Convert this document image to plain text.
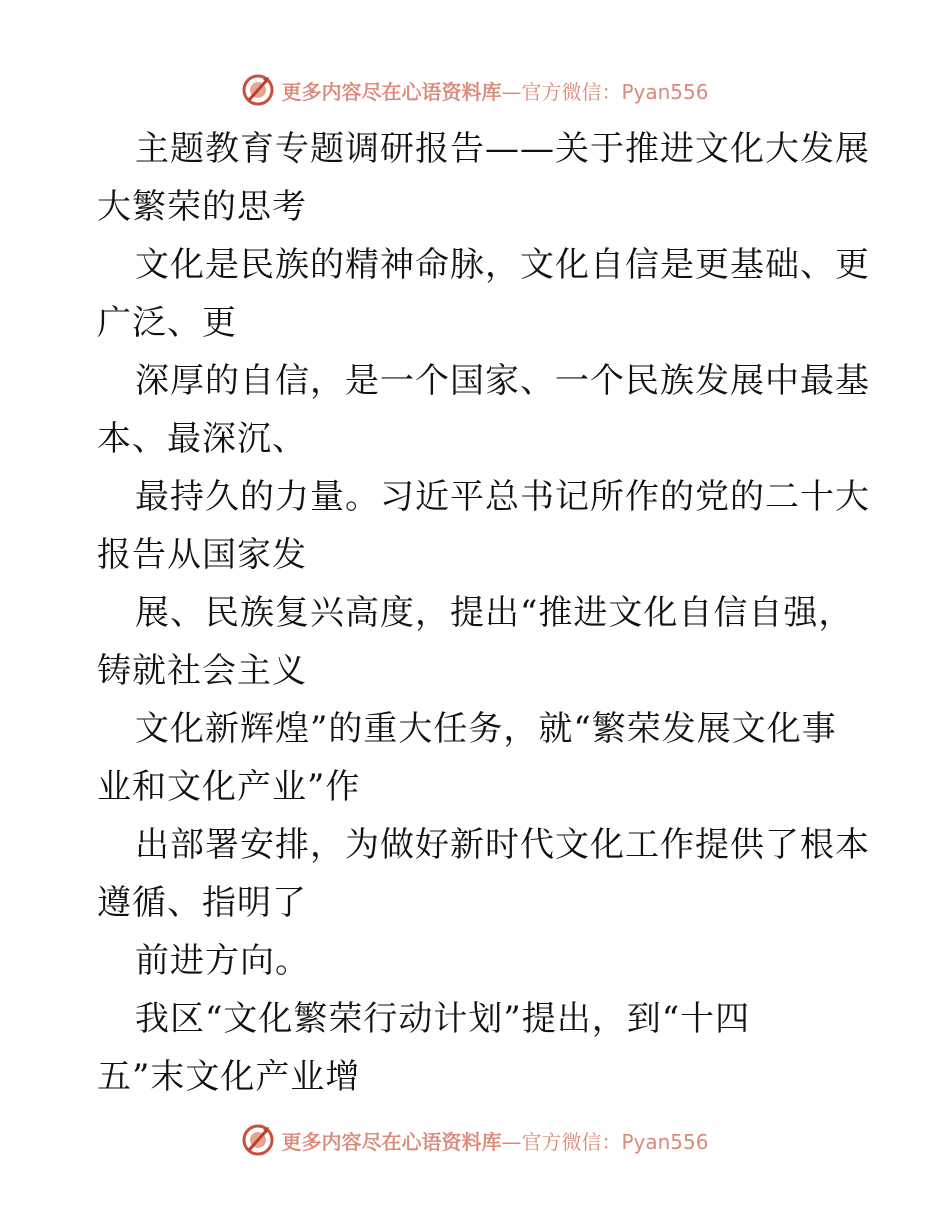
更多内容尽在心语资料库—官方微信：Pyan556
主题教育专题调研报告——关于推进文化大发展
大繁荣的思考
文化是民族的精神命脉，文化自信是更基础、更
广泛、更
深厚的自信，是一个国家、一个民族发展中最基
本、最深沉、
最持久的力量。习近平总书记所作的党的二十大
报告从国家发
展、民族复兴高度，提出“推进文化自信自强，
铸就社会主义
文化新辉煌”的重大任务，就“繁荣发展文化事
业和文化产业”作
出部署安排，为做好新时代文化工作提供了根本
遵循、指明了
前进方向。
我区“文化繁荣行动计划”提出，到“十四
五”末文化产业增
更多内容尽在心语资料库—官方微信：Pyan556
